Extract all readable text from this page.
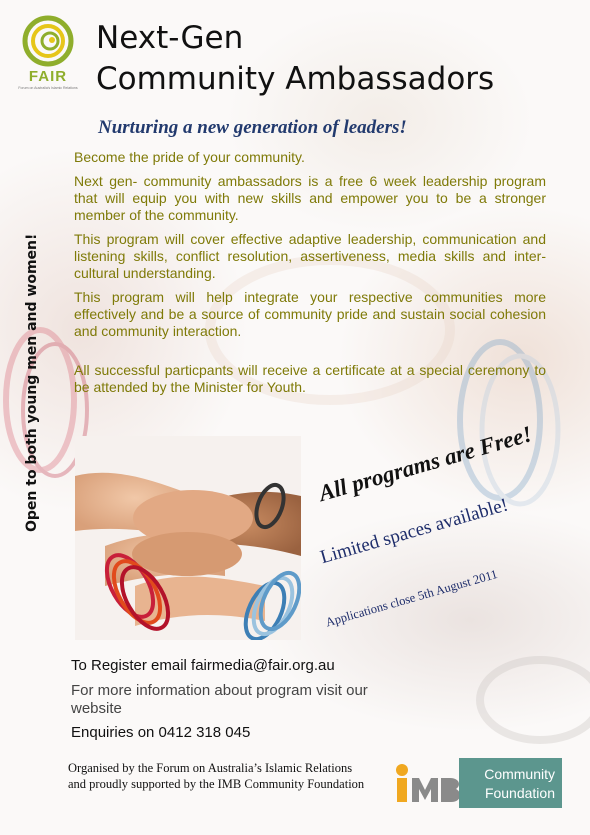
FAIR
Forum on Australia's Islamic Relations
Next-Gen
Community Ambassadors
Nurturing a new generation of leaders!

Become the pride of your community.

Next gen- community ambassadors is a free 6 week leadership program that will equip you with new skills and empower you to be a stronger member of the community.

This program will cover effective adaptive leadership, communication and listening skills, conflict resolution, assertiveness, media skills and inter-cultural understanding.

This program will help integrate your respective communities more effectively and be a source of community pride and sustain social cohesion and community interaction.

All successful particpants will receive a certificate at a special ceremony to be attended by the Minister for Youth.

Open to both young men and women!	All programs are Free!
Limited spaces available!
Applications close 5th August 2011

To Register email fairmedia@fair.org.au

For more information about program visit our website

Enquiries on 0412 318 045

Organised by the Forum on Australia’s Islamic Relations

and proudly supported by the IMB Community Foundation

Community
Foundation
